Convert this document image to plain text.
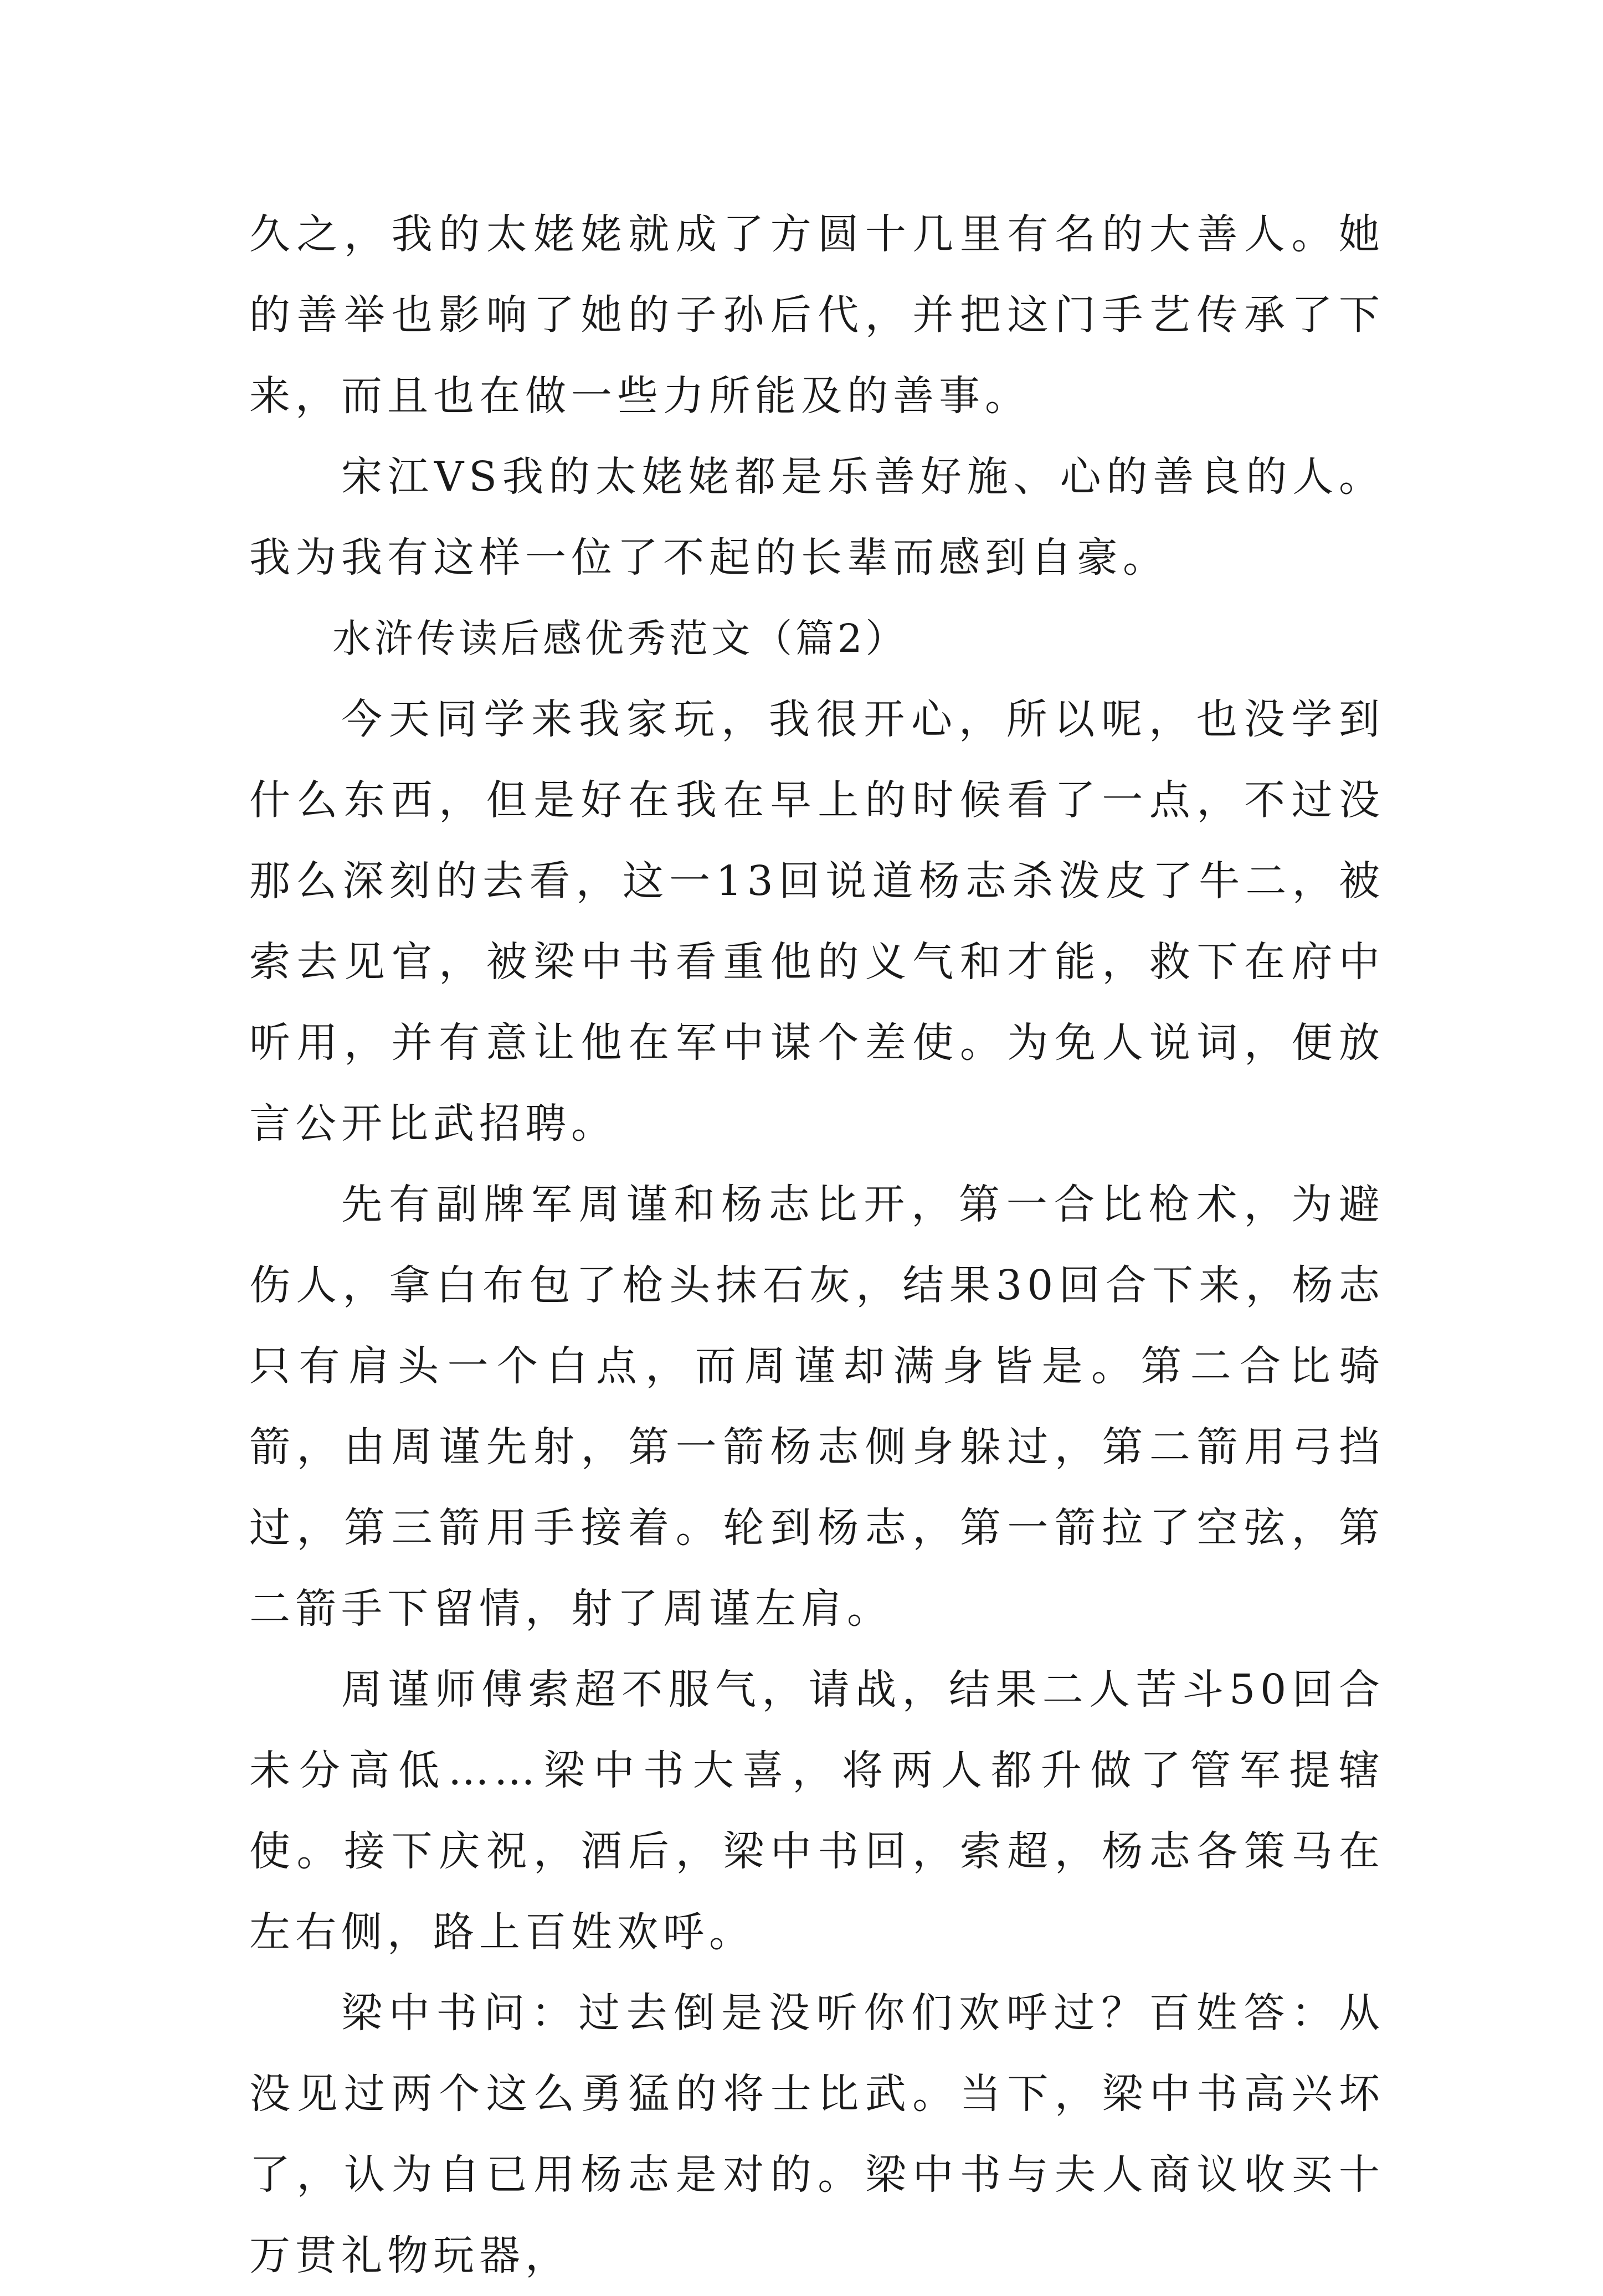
久之，我的太姥姥就成了方圆十几里有名的大善人。她的善举也影响了她的子孙后代，并把这门手艺传承了下来，而且也在做一些力所能及的善事。

宋江VS我的太姥姥都是乐善好施、心的善良的人。我为我有这样一位了不起的长辈而感到自豪。

水浒传读后感优秀范文（篇2）

今天同学来我家玩，我很开心，所以呢，也没学到什么东西，但是好在我在早上的时候看了一点，不过没那么深刻的去看，这一13回说道杨志杀泼皮了牛二，被索去见官，被梁中书看重他的义气和才能，救下在府中听用，并有意让他在军中谋个差使。为免人说词，便放言公开比武招聘。

先有副牌军周谨和杨志比开，第一合比枪术，为避伤人，拿白布包了枪头抹石灰，结果30回合下来，杨志只有肩头一个白点，而周谨却满身皆是。第二合比骑箭，由周谨先射，第一箭杨志侧身躲过，第二箭用弓挡过，第三箭用手接着。轮到杨志，第一箭拉了空弦，第二箭手下留情，射了周谨左肩。

周谨师傅索超不服气，请战，结果二人苦斗50回合未分高低……梁中书大喜，将两人都升做了管军提辖使。接下庆祝，酒后，梁中书回，索超，杨志各策马在左右侧，路上百姓欢呼。

梁中书问：过去倒是没听你们欢呼过？百姓答：从没见过两个这么勇猛的将士比武。当下，梁中书高兴坏了，认为自已用杨志是对的。梁中书与夫人商议收买十万贯礼物玩器，
